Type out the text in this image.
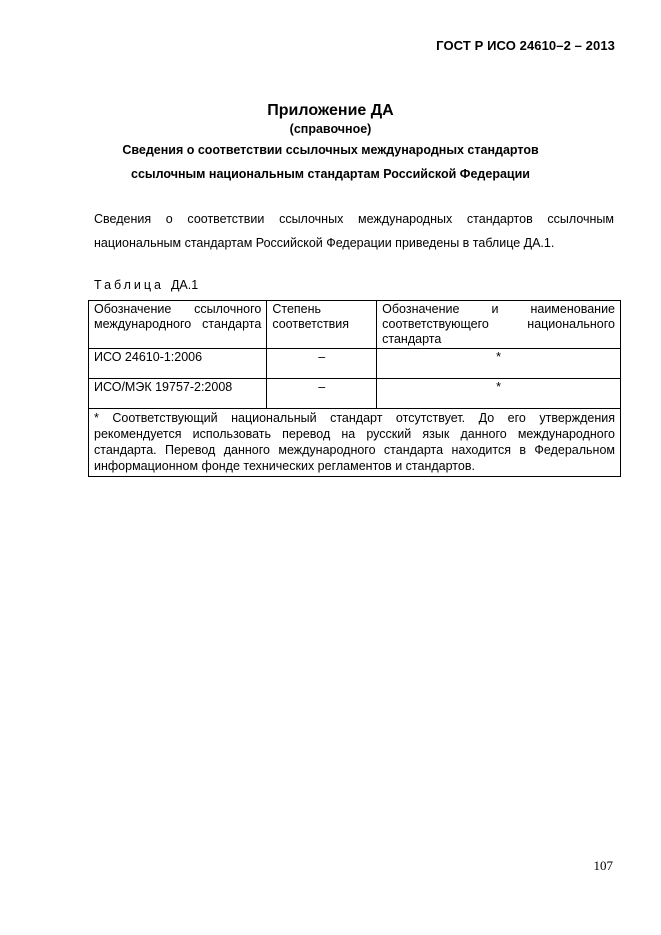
ГОСТ Р ИСО 24610–2 – 2013
Приложение ДА
(справочное)
Сведения о соответствии ссылочных международных стандартов
ссылочным национальным стандартам Российской Федерации
Сведения о соответствии ссылочных международных стандартов ссылочным национальным стандартам Российской Федерации приведены в таблице ДА.1.
Таблица ДА.1
Обозначение ссылочного международного стандарта	Степень соответствия	Обозначение и наименование соответствующего национального стандарта
ИСО 24610-1:2006	–	*
ИСО/МЭК 19757-2:2008	–	*
* Соответствующий национальный стандарт отсутствует. До его утверждения рекомендуется использовать перевод на русский язык данного международного стандарта. Перевод данного международного стандарта находится в Федеральном информационном фонде технических регламентов и стандартов.		
107
